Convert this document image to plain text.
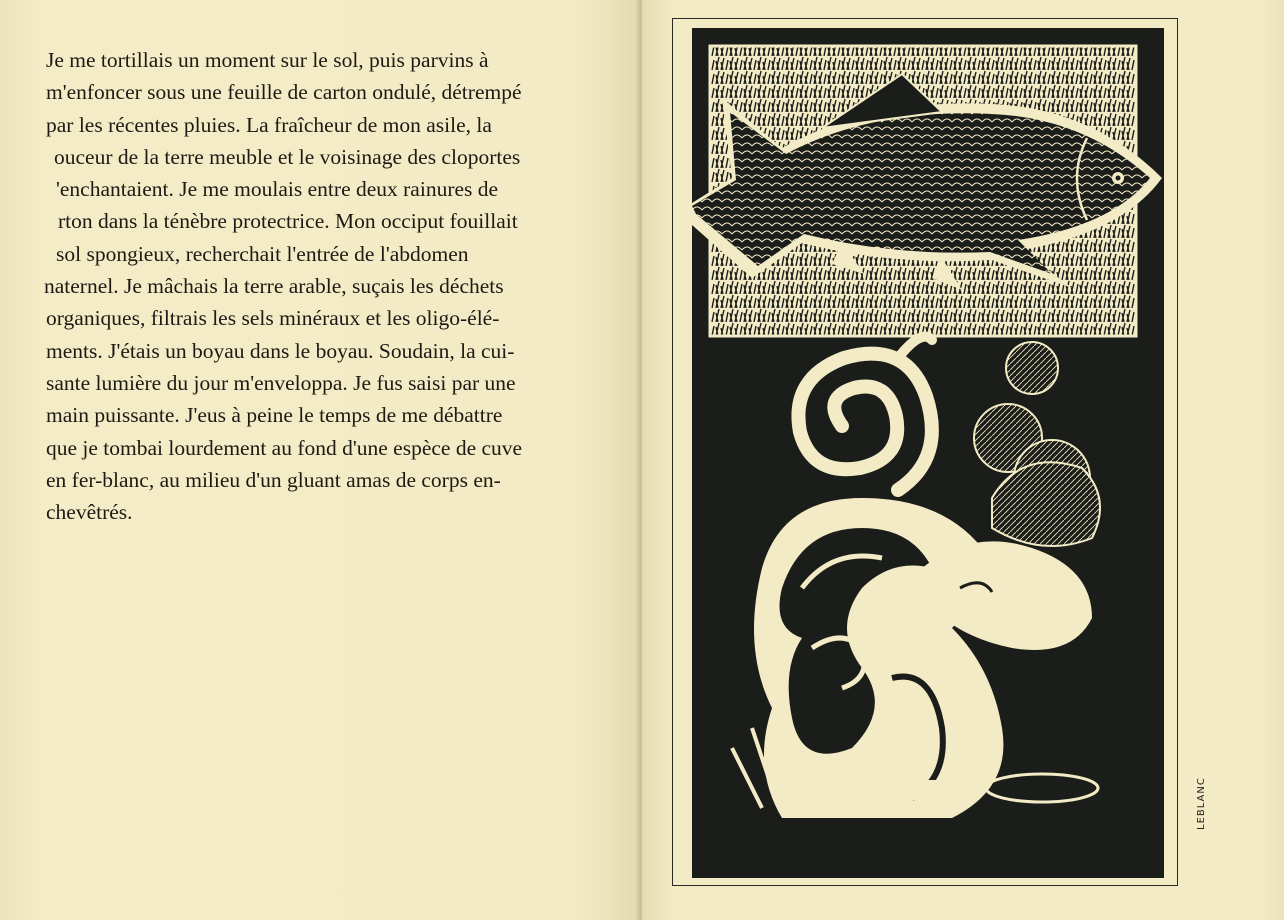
Je me tortillais un moment sur le sol, puis parvins à
m'enfoncer sous une feuille de carton ondulé, détrempé
par les récentes pluies. La fraîcheur de mon asile, la
ouceur de la terre meuble et le voisinage des cloportes
'enchantaient. Je me moulais entre deux rainures de
rton dans la ténèbre protectrice. Mon occiput fouillait
sol spongieux, recherchait l'entrée de l'abdomen
naternel. Je mâchais la terre arable, suçais les déchets
organiques, filtrais les sels minéraux et les oligo-élé-
ments. J'étais un boyau dans le boyau. Soudain, la cui-
sante lumière du jour m'enveloppa. Je fus saisi par une
main puissante. J'eus à peine le temps de me débattre
que je tombai lourdement au fond d'une espèce de cuve
en fer-blanc, au milieu d'un gluant amas de corps en-
chevêtrés.

DEC 1963	LEBLANC
